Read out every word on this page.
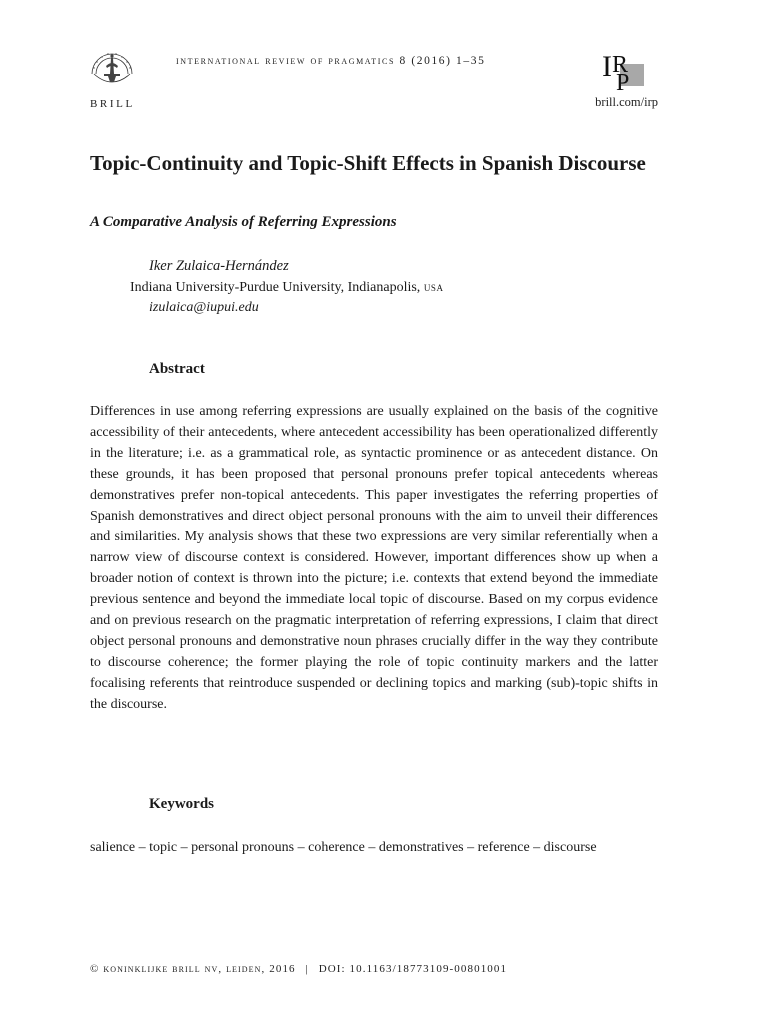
BRILL
international review of pragmatics 8 (2016) 1–35	I R
P
brill.com/irp
Topic-Continuity and Topic-Shift Effects in Spanish Discourse
A Comparative Analysis of Referring Expressions
Iker Zulaica-Hernández
Indiana University-Purdue University, Indianapolis, usa
izulaica@iupui.edu
Abstract

Differences in use among referring expressions are usually explained on the basis of the cognitive accessibility of their antecedents, where antecedent accessibility has been operationalized differently in the literature; i.e. as a grammatical role, as syntactic prominence or as antecedent distance. On these grounds, it has been proposed that personal pronouns prefer topical antecedents whereas demonstratives prefer non-topical antecedents. This paper investigates the referring properties of Spanish demonstratives and direct object personal pronouns with the aim to unveil their differences and similarities. My analysis shows that these two expressions are very similar referentially when a narrow view of discourse context is considered. However, important differences show up when a broader notion of context is thrown into the picture; i.e. contexts that extend beyond the immediate previous sentence and beyond the immediate local topic of discourse. Based on my corpus evidence and on previous research on the pragmatic interpretation of referring expressions, I claim that direct object personal pronouns and demonstrative noun phrases crucially differ in the way they contribute to discourse coherence; the former playing the role of topic continuity markers and the latter focalising referents that reintroduce suspended or declining topics and marking (sub)-topic shifts in the discourse.

Keywords

salience – topic – personal pronouns – coherence – demonstratives – reference – discourse

© koninklijke brill nv, leiden, 2016 | DOI: 10.1163/18773109-00801001
